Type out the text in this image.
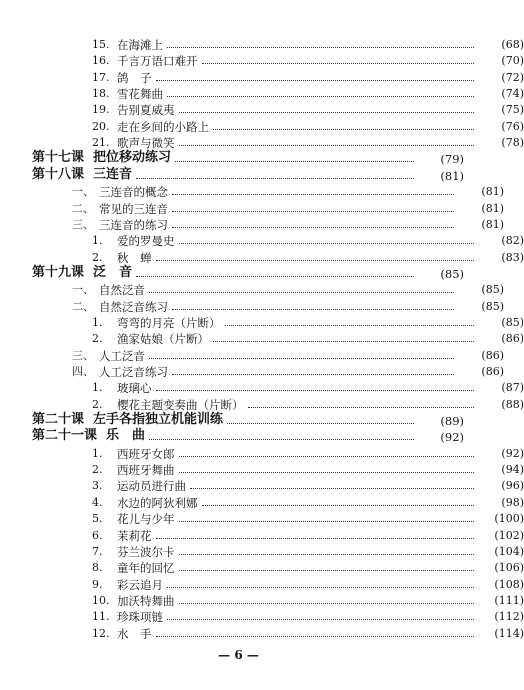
15. 在海滩上	(68)
16. 千言万语口难开	(70)
17. 鸽　子	(72)
18. 雪花舞曲	(74)
19. 告别夏威夷	(75)
20. 走在乡间的小路上	(76)
21. 歌声与微笑	(78)
第十七课 把位移动练习	(79)
第十八课 三连音	(81)
一、 三连音的概念	(81)
二、 常见的三连音	(81)
三、 三连音的练习	(81)
1.	爱的罗曼史	(82)
2.	秋　蝉	(83)
第十九课 泛　音	(85)
一、 自然泛音	(85)
二、 自然泛音练习	(85)
1.	弯弯的月亮（片断）	(85)
2.	渔家姑娘（片断）	(86)
三、 人工泛音	(86)
四、 人工泛音练习	(86)
1.	玻璃心	(87)
2.	樱花主题变奏曲（片断）	(88)
第二十课 左手各指独立机能训练	(89)
第二十一课 乐　曲	(92)
1.	西班牙女郎	(92)
2.	西班牙舞曲	(94)
3.	运动员进行曲	(96)
4.	水边的阿狄利娜	(98)
5.	花儿与少年	(100)
6.	茉莉花	(102)
7.	芬兰波尔卡	(104)
8.	童年的回忆	(106)
9.	彩云追月	(108)
10. 加沃特舞曲	(111)
11. 珍珠项链	(112)
12. 水　手	(114)
— 6 —
